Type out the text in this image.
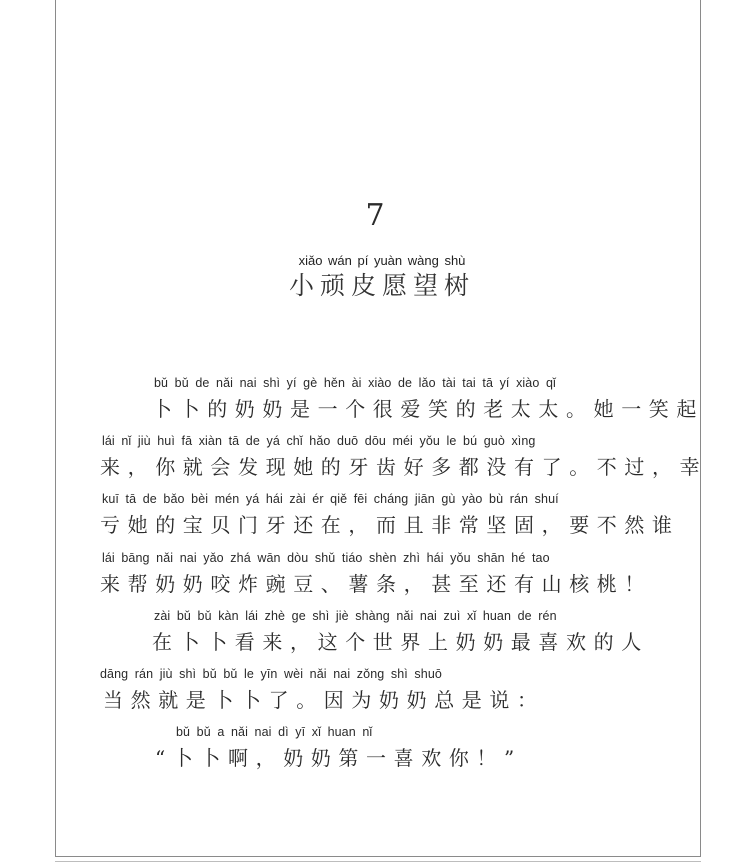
7
xiǎo wán pí yuàn wàng shù
小顽皮愿望树
bǔ bǔ de nǎi nai shì yí gè hěn ài xiào de lǎo tài tai tā yí xiào qǐ
卜卜的奶奶是一个很爱笑的老太太。她一笑起
lái nǐ jiù huì fā xiàn tā de yá chǐ hǎo duō dōu méi yǒu le bú guò xìng
来，你就会发现她的牙齿好多都没有了。不过，幸
kuī tā de bǎo bèi mén yá hái zài ér qiě fēi cháng jiān gù yào bù rán shuí
亏她的宝贝门牙还在，而且非常坚固，要不然谁
lái bāng nǎi nai yǎo zhá wān dòu shǔ tiáo shèn zhì hái yǒu shān hé tao
来帮奶奶咬炸豌豆、薯条，甚至还有山核桃！
zài bǔ bǔ kàn lái zhè ge shì jiè shàng nǎi nai zuì xǐ huan de rén
在卜卜看来，这个世界上奶奶最喜欢的人
dāng rán jiù shì bǔ bǔ le yīn wèi nǎi nai zǒng shì shuō
当然就是卜卜了。因为奶奶总是说：
bǔ bǔ a nǎi nai dì yī xǐ huan nǐ
“卜卜啊，奶奶第一喜欢你！”
